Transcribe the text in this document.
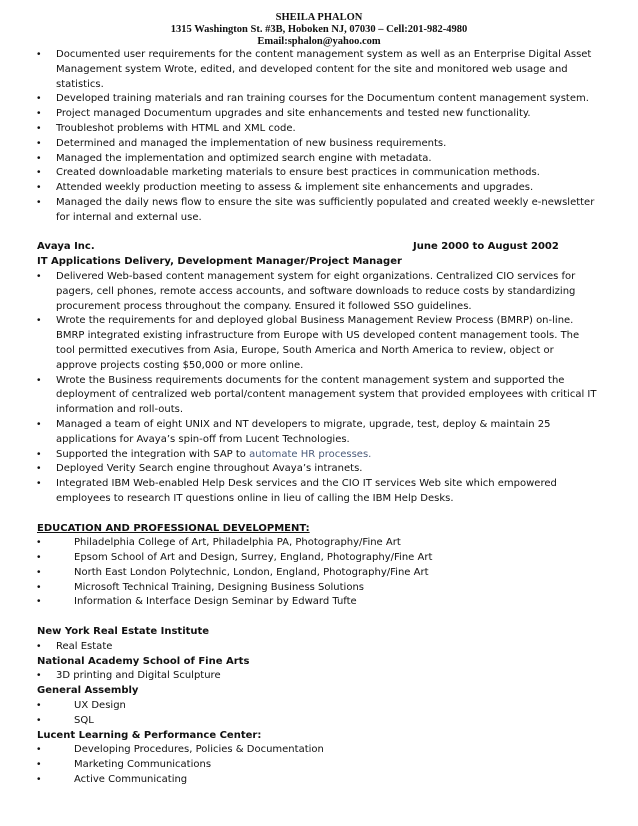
SHEILA PHALON
1315 Washington St. #3B, Hoboken NJ, 07030 – Cell:201-982-4980
Email:sphalon@yahoo.com
• Documented user requirements for the content management system as well as an Enterprise Digital Asset Management system Wrote, edited, and developed content for the site and monitored web usage and statistics.
• Developed training materials and ran training courses for the Documentum content management system.
• Project managed Documentum upgrades and site enhancements and tested new functionality.
• Troubleshot problems with HTML and XML code.
• Determined and managed the implementation of new business requirements.
• Managed the implementation and optimized search engine with metadata.
• Created downloadable marketing materials to ensure best practices in communication methods.
• Attended weekly production meeting to assess & implement site enhancements and upgrades.
• Managed the daily news flow to ensure the site was sufficiently populated and created weekly e-newsletter for internal and external use.
Avaya Inc.	June 2000 to August 2002
IT Applications Delivery, Development Manager/Project Manager
• Delivered Web-based content management system for eight organizations. Centralized CIO services for pagers, cell phones, remote access accounts, and software downloads to reduce costs by standardizing procurement process throughout the company. Ensured it followed SSO guidelines.
• Wrote the requirements for and deployed global Business Management Review Process (BMRP) on-line. BMRP integrated existing infrastructure from Europe with US developed content management tools. The tool permitted executives from Asia, Europe, South America and North America to review, object or approve projects costing $50,000 or more online.
• Wrote the Business requirements documents for the content management system and supported the deployment of centralized web portal/content management system that provided employees with critical IT information and roll-outs.
• Managed a team of eight UNIX and NT developers to migrate, upgrade, test, deploy & maintain 25 applications for Avaya’s spin-off from Lucent Technologies.
• Supported the integration with SAP to automate HR processes.
• Deployed Verity Search engine throughout Avaya’s intranets.
• Integrated IBM Web-enabled Help Desk services and the CIO IT services Web site which empowered employees to research IT questions online in lieu of calling the IBM Help Desks.
EDUCATION AND PROFESSIONAL DEVELOPMENT:
•	Philadelphia College of Art, Philadelphia PA, Photography/Fine Art
•	Epsom School of Art and Design, Surrey, England, Photography/Fine Art
•	North East London Polytechnic, London, England, Photography/Fine Art
•	Microsoft Technical Training, Designing Business Solutions
•	Information & Interface Design Seminar by Edward Tufte
New York Real Estate Institute
• Real Estate
National Academy School of Fine Arts
• 3D printing and Digital Sculpture
General Assembly
•	UX Design
•	SQL
Lucent Learning & Performance Center:
•	Developing Procedures, Policies & Documentation
•	Marketing Communications
•	Active Communicating
